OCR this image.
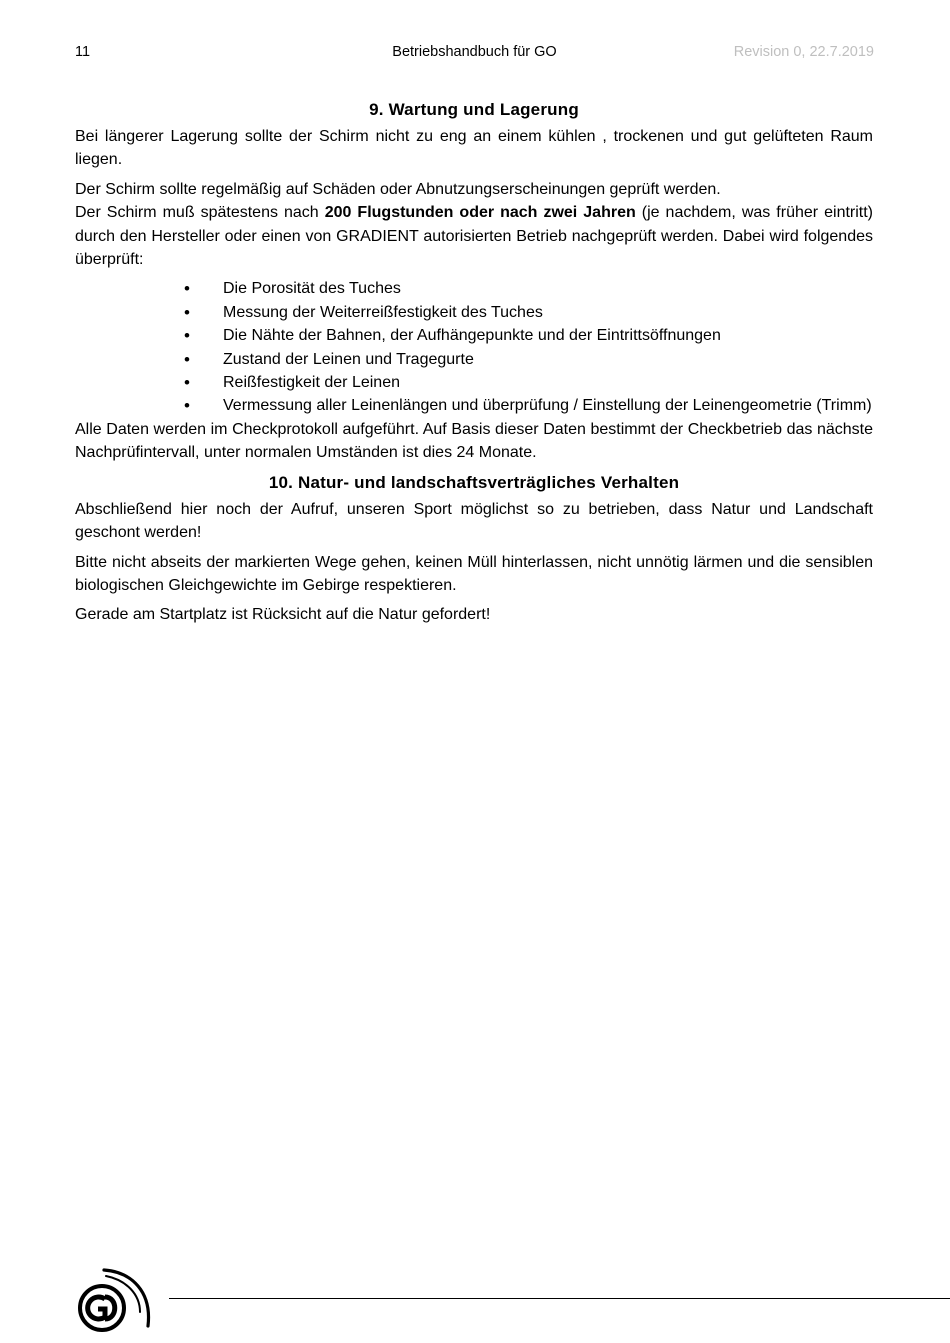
11	Betriebshandbuch für GO	Revision 0, 22.7.2019
9. Wartung und Lagerung

Bei längerer Lagerung sollte der Schirm nicht zu eng an einem kühlen , trockenen und gut gelüfteten Raum liegen.

Der Schirm sollte regelmäßig auf Schäden oder Abnutzungserscheinungen geprüft werden.
Der Schirm muß spätestens nach 200 Flugstunden oder nach zwei Jahren (je nachdem, was früher eintritt) durch den Hersteller oder einen von GRADIENT autorisierten Betrieb nachgeprüft werden. Dabei wird folgendes überprüft:

• Die Porosität des Tuches
• Messung der Weiterreißfestigkeit des Tuches
• Die Nähte der Bahnen, der Aufhängepunkte und der Eintrittsöffnungen
• Zustand der Leinen und Tragegurte
• Reißfestigkeit der Leinen
• Vermessung aller Leinenlängen und überprüfung / Einstellung der Leinengeometrie (Trimm)

Alle Daten werden im Checkprotokoll aufgeführt. Auf Basis dieser Daten bestimmt der Checkbetrieb das nächste Nachprüfintervall, unter normalen Umständen ist dies 24 Monate.

10. Natur- und landschaftsverträgliches Verhalten

Abschließend hier noch der Aufruf, unseren Sport möglichst so zu betrieben, dass Natur und Landschaft geschont werden!

Bitte nicht abseits der markierten Wege gehen, keinen Müll hinterlassen, nicht unnötig lärmen und die sensiblen biologischen Gleichgewichte im Gebirge respektieren.

Gerade am Startplatz ist Rücksicht auf die Natur gefordert!
